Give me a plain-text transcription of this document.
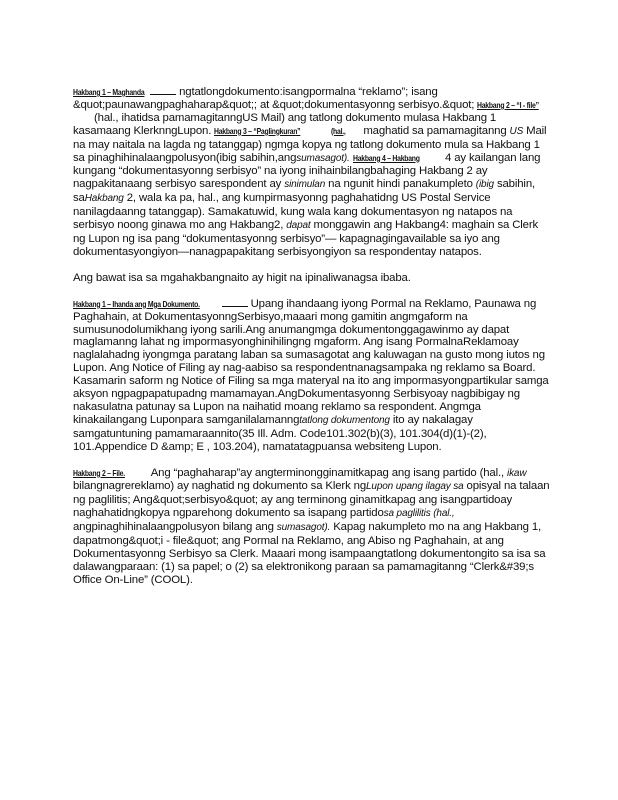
Hakbang 1 – Maghanda	ngtatlongdokumento:isangpormalna “reklamo”; isang &quot;paunawangpaghaharap&quot;; at &quot;dokumentasyonng serbisyo.&quot; Hakbang 2 – “I - file” (hal., ihatidsa pamamagitanngUS Mail) ang tatlong dokumento mulasa Hakbang 1 kasamaang KlerknngLupon. Hakbang 3 – “Paglingkuran”	(hal., maghatid sa pamamagitanng US Mail na may naitala na lagda ng tatanggap) ngmga kopya ng tatlong dokumento mula sa Hakbang 1 sa pinaghihinalaangpolusyon(ibig sabihin,angsumasagot). Hakbang 4 – Hakbang 4 ay kailangan lang kungang “dokumentasyonng serbisyo” na iyong inihainbilangbahaging Hakbang 2 ay nagpakitanaang serbisyo sarespondent ay sinimulan na ngunit hindi panakumpleto (ibig sabihin, saHakbang 2, wala ka pa, hal., ang kumpirmasyonng paghahatidng US Postal Service nanilagdaanng tatanggap). Samakatuwid, kung wala kang dokumentasyon ng natapos na serbisyo noong ginawa mo ang Hakbang2, dapat monggawin ang Hakbang4: maghain sa Clerk ng Lupon ng isa pang “dokumentasyonng serbisyo”— kapagnagingavailable sa iyo ang dokumentasyongiyon—nanagpapakitang serbisyongiyon sa respondentay natapos.

Ang bawat isa sa mgahakbangnaito ay higit na ipinaliwanagsa ibaba.

Hakbang 1 – Ihanda ang Mga Dokumento.	Upang ihandaang iyong Pormal na Reklamo, Paunawa ng Paghahain, at DokumentasyonngSerbisyo,maaari mong gamitin angmgaform na sumusunodolumikhang iyong sarili.Ang anumangmga dokumentonggagawinmo ay dapat maglamanng lahat ng impormasyonghinihilingng mgaform. Ang isang PormalnaReklamoay naglalahadng iyongmga paratang laban sa sumasagotat ang kaluwagan na gusto mong iutos ng Lupon. Ang Notice of Filing ay nag-aabiso sa respondentnanagsampaka ng reklamo sa Board. Kasamarin saform ng Notice of Filing sa mga materyal na ito ang impormasyongpartikular samga aksyon ngpagpapatupadng mamamayan.AngDokumentasyonng Serbisyoay nagbibigay ng nakasulatna patunay sa Lupon na naihatid moang reklamo sa respondent. Angmga kinakailangang Luponpara samganilalamanngtatlong dokumentong ito ay nakalagay samgatuntuning pamamaraannito(35 Ill. Adm. Code101.302(b)(3), 101.304(d)(1)-(2), 101.Appendice D &amp; E , 103.204), namatatagpuansa websiteng Lupon.

Hakbang 2 – File. Ang “paghaharap”ay angterminongginamitkapag ang isang partido (hal., ikaw bilangnagrereklamo) ay naghatid ng dokumento sa Klerk ngLupon upang ilagay sa opisyal na talaan ng paglilitis; Ang&quot;serbisyo&quot; ay ang terminong ginamitkapag ang isangpartidoay naghahatidngkopya ngparehong dokumento sa isapang partidosa paglilitis (hal., angpinaghihinalaangpolusyon bilang ang sumasagot). Kapag nakumpleto mo na ang Hakbang 1, dapatmong&quot;i - file&quot; ang Pormal na Reklamo, ang Abiso ng Paghahain, at ang Dokumentasyonng Serbisyo sa Clerk. Maaari mong isampaangtatlong dokumentongito sa isa sa dalawangparaan: (1) sa papel; o (2) sa elektronikong paraan sa pamamagitanng “Clerk&#39;s Office On-Line” (COOL).
